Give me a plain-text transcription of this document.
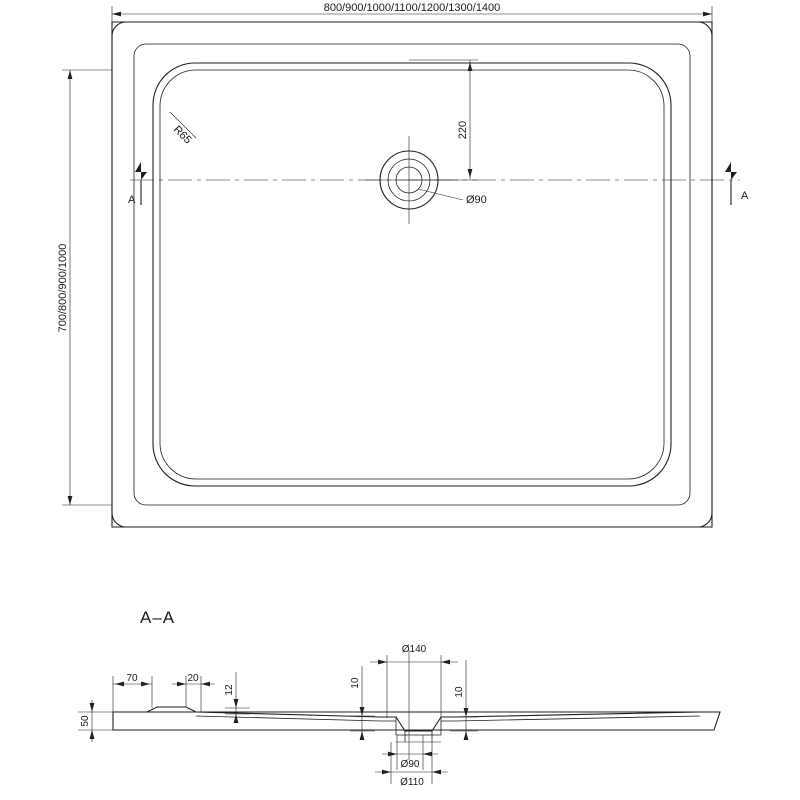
Ø90
R65
800/900/1000/1100/1200/1300/1400
700/800/900/1000
220
A	A
A–A
70	20
12
10
10
50
Ø140
Ø90
Ø110
